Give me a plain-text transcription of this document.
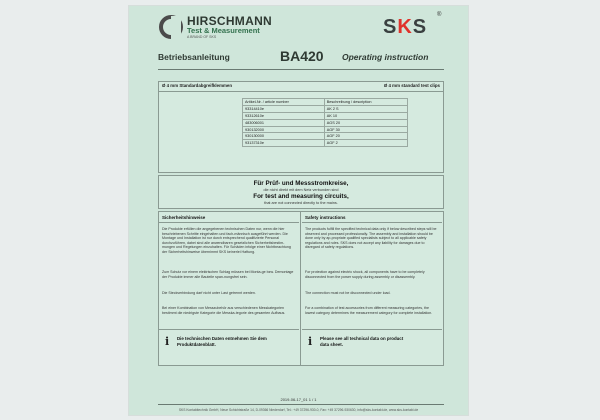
HIRSCHMANN
Test & Measurement
A BRAND OF SKS	SKS
®
Betriebsanleitung	BA420 Operating instruction
Ø 4 mm Standardabgreifklemmen	Ø 4 mm standard test clips
Artikel-Nr. / article number	Beschreibung / description
93314410e	AK 2 S
93312610e	AK 10
483006001	AGS 20
930132000	AGF 30
930130000	AGF 20
93137310e	AGF 2
Für Prüf- und Messstromkreise,
die nicht direkt mit dem Netz verbunden sind
For test and measuring circuits,
that are not connected directly to the mains.
Sicherheitshinweise
Die Produkte erfüllen die angegebenen technischen Daten nur, wenn die hier beschriebenen Schritte eingehalten und fach-männisch ausgeführt werden. Die Montage und Installation ist nur durch entsprechend qualifizierte Personal durchzuführen, dabei sind alle anwendbaren gesetzlichen Sicherheitsbestim-mungen und Regelungen einzuhalten. Für Schäden infolge einer Nichtbeachtung der Sicherheitshinweise übernimmt SKS keinerlei Haftung.
Zum Schutz vor einem elektrischen Schlag müssen bei Monta-ge bzw. Demontage der Produkte immer alle Bauteile span-nungsfrei sein.
Die Steckverbindung darf nicht unter Last getrennt werden.
Bei einer Kombination von Messzubehör aus verschiedenen Messkategorien bestimmt die niedrigste Kategorie die Messka-tegorie des gesamten Aufbaus.
i Die technischen Daten entnehmen Sie dem
Produktdatenblatt.
Safety instructions
The products fulfill the specified technical data only if below described steps will be observed and processed professionally. The assembly and installation should be done only by ap-propriate qualified specialists subject to all applicable safety regulations and rules. SKS does not accept any liability for damages due to disregard of safety regulations.
For protection against electric shock, all components have to be completely disconnected from the power supply during assembly or disassembly.
The connection must not be disconnected under load.
For a combination of test accessories from different measuring categories, the lowest category determines the measurement category for complete installation.
i Please see all technical data on product
data sheet.
2019-06-17_01 1 / 1
SKS Kontakttechnik GmbH, Neue Schichtstraße 14, D-09366 Niederdorf, Tel.: +49 37296-930-0, Fax: +49 37296-930630, info@sks-kontakt.de, www.sks-kontakt.de
